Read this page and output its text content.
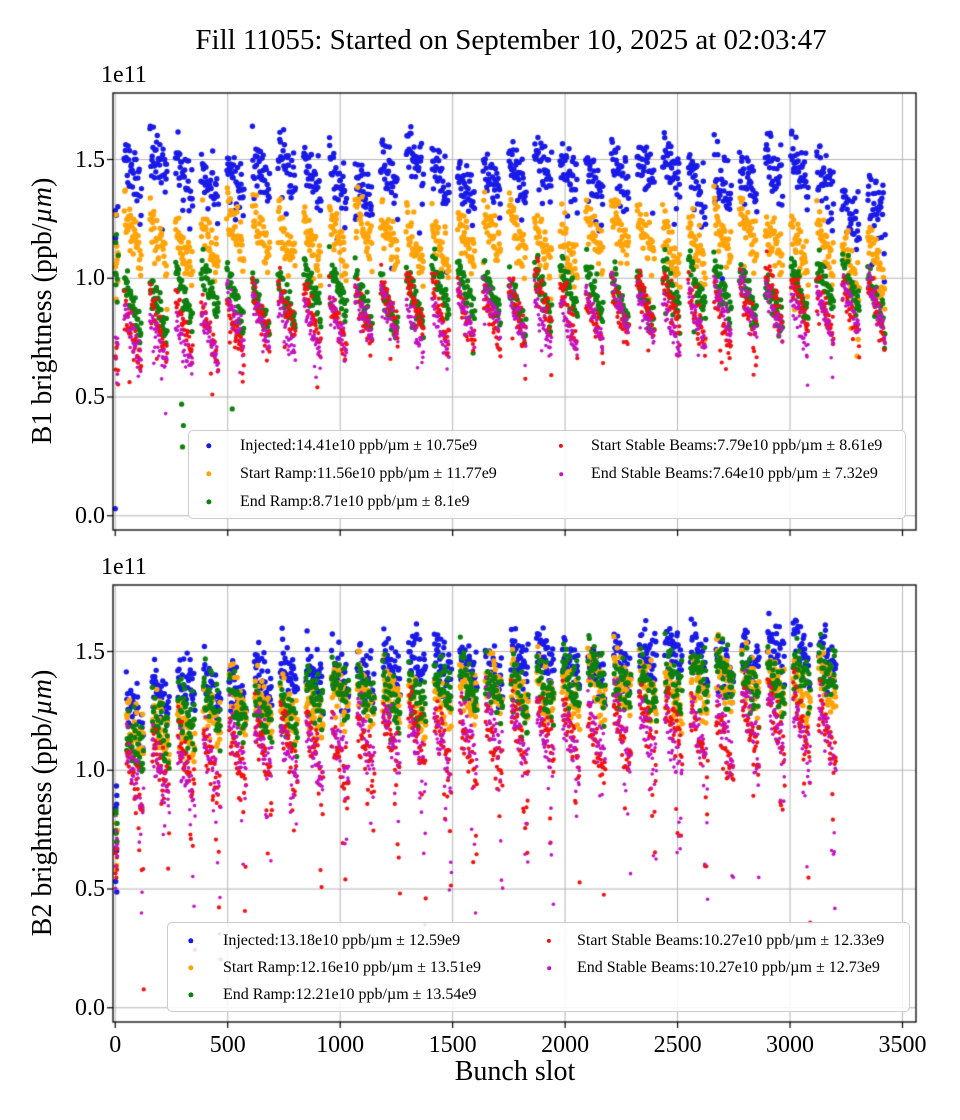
Fill 11055: Started on September 10, 2025 at 02:03:47
1e11
1e11
B1 brightness (ppb/µm)
B2 brightness (ppb/µm)
Bunch slot
0.0
0.5
1.0
1.5
0.0
0.5
1.0
1.5
0	500	1000	1500	2000	2500	3000	3500
Injected:14.41e10 ppb/µm ± 10.75e9
Start Ramp:11.56e10 ppb/µm ± 11.77e9
End Ramp:8.71e10 ppb/µm ± 8.1e9
Start Stable Beams:7.79e10 ppb/µm ± 8.61e9
End Stable Beams:7.64e10 ppb/µm ± 7.32e9
Injected:13.18e10 ppb/µm ± 12.59e9
Start Ramp:12.16e10 ppb/µm ± 13.51e9
End Ramp:12.21e10 ppb/µm ± 13.54e9
Start Stable Beams:10.27e10 ppb/µm ± 12.33e9
End Stable Beams:10.27e10 ppb/µm ± 12.73e9
